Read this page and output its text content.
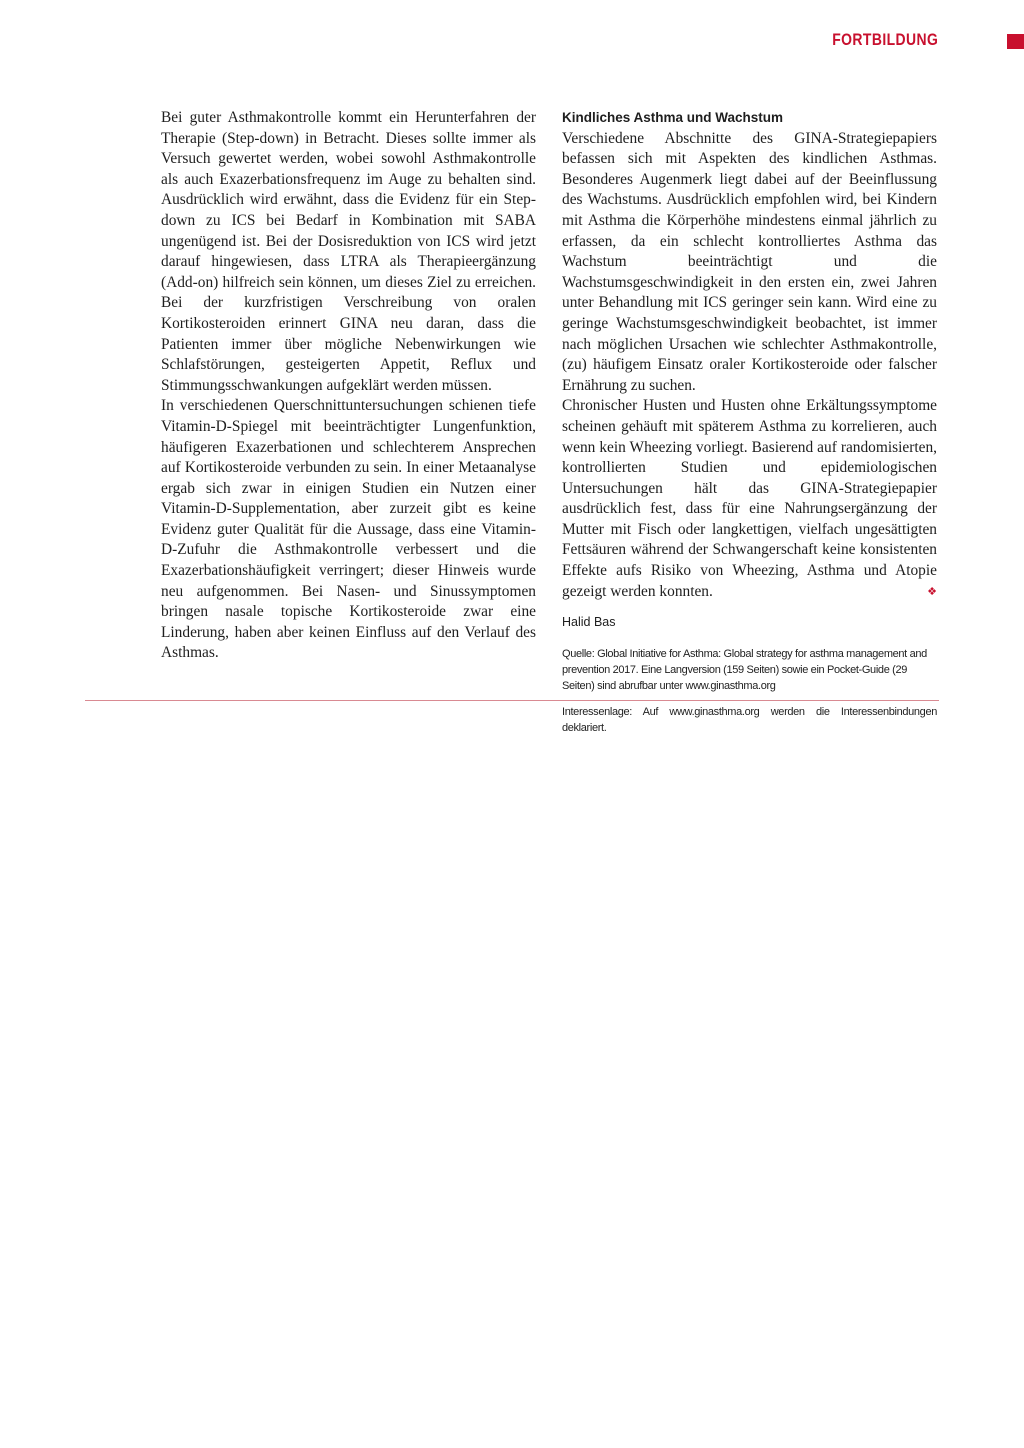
FORTBILDUNG

Bei guter Asthmakontrolle kommt ein Herunterfahren der Therapie (Step-down) in Betracht. Dieses sollte immer als Versuch gewertet werden, wobei sowohl Asthmakontrolle als auch Exazerbationsfrequenz im Auge zu behalten sind. Ausdrücklich wird erwähnt, dass die Evidenz für ein Step-down zu ICS bei Bedarf in Kombination mit SABA ungenügend ist. Bei der Dosisreduktion von ICS wird jetzt darauf hingewiesen, dass LTRA als Therapieergänzung (Add-on) hilfreich sein können, um dieses Ziel zu erreichen. Bei der kurzfristigen Verschreibung von oralen Kortikosteroiden erinnert GINA neu daran, dass die Patienten immer über mögliche Nebenwirkungen wie Schlafstörungen, gesteigerten Appetit, Reflux und Stimmungsschwankungen aufgeklärt werden müssen.

In verschiedenen Querschnittuntersuchungen schienen tiefe Vitamin-D-Spiegel mit beeinträchtigter Lungenfunktion, häufigeren Exazerbationen und schlechterem Ansprechen auf Kortikosteroide verbunden zu sein. In einer Metaanalyse ergab sich zwar in einigen Studien ein Nutzen einer Vitamin-D-Supplementation, aber zurzeit gibt es keine Evidenz guter Qualität für die Aussage, dass eine Vitamin-D-Zufuhr die Asthmakontrolle verbessert und die Exazerbationshäufigkeit verringert; dieser Hinweis wurde neu aufgenommen. Bei Nasen- und Sinussymptomen bringen nasale topische Kortikosteroide zwar eine Linderung, haben aber keinen Einfluss auf den Verlauf des Asthmas.

Kindliches Asthma und Wachstum

Verschiedene Abschnitte des GINA-Strategiepapiers befassen sich mit Aspekten des kindlichen Asthmas. Besonderes Augenmerk liegt dabei auf der Beeinflussung des Wachstums. Ausdrücklich empfohlen wird, bei Kindern mit Asthma die Körperhöhe mindestens einmal jährlich zu erfassen, da ein schlecht kontrolliertes Asthma das Wachstum beeinträchtigt und die Wachstumsgeschwindigkeit in den ersten ein, zwei Jahren unter Behandlung mit ICS geringer sein kann. Wird eine zu geringe Wachstumsgeschwindigkeit beobachtet, ist immer nach möglichen Ursachen wie schlechter Asthmakontrolle, (zu) häufigem Einsatz oraler Kortikosteroide oder falscher Ernährung zu suchen.

Chronischer Husten und Husten ohne Erkältungssymptome scheinen gehäuft mit späterem Asthma zu korrelieren, auch wenn kein Wheezing vorliegt. Basierend auf randomisierten, kontrollierten Studien und epidemiologischen Untersuchungen hält das GINA-Strategiepapier ausdrücklich fest, dass für eine Nahrungsergänzung der Mutter mit Fisch oder langkettigen, vielfach ungesättigten Fettsäuren während der Schwangerschaft keine konsistenten Effekte aufs Risiko von Wheezing, Asthma und Atopie gezeigt werden konnten.	❖

Halid Bas

Quelle: Global Initiative for Asthma: Global strategy for asthma management and prevention 2017. Eine Langversion (159 Seiten) sowie ein Pocket-Guide (29 Seiten) sind abrufbar unter www.ginasthma.org

Interessenlage: Auf www.ginasthma.org werden die Interessenbindungen deklariert.
